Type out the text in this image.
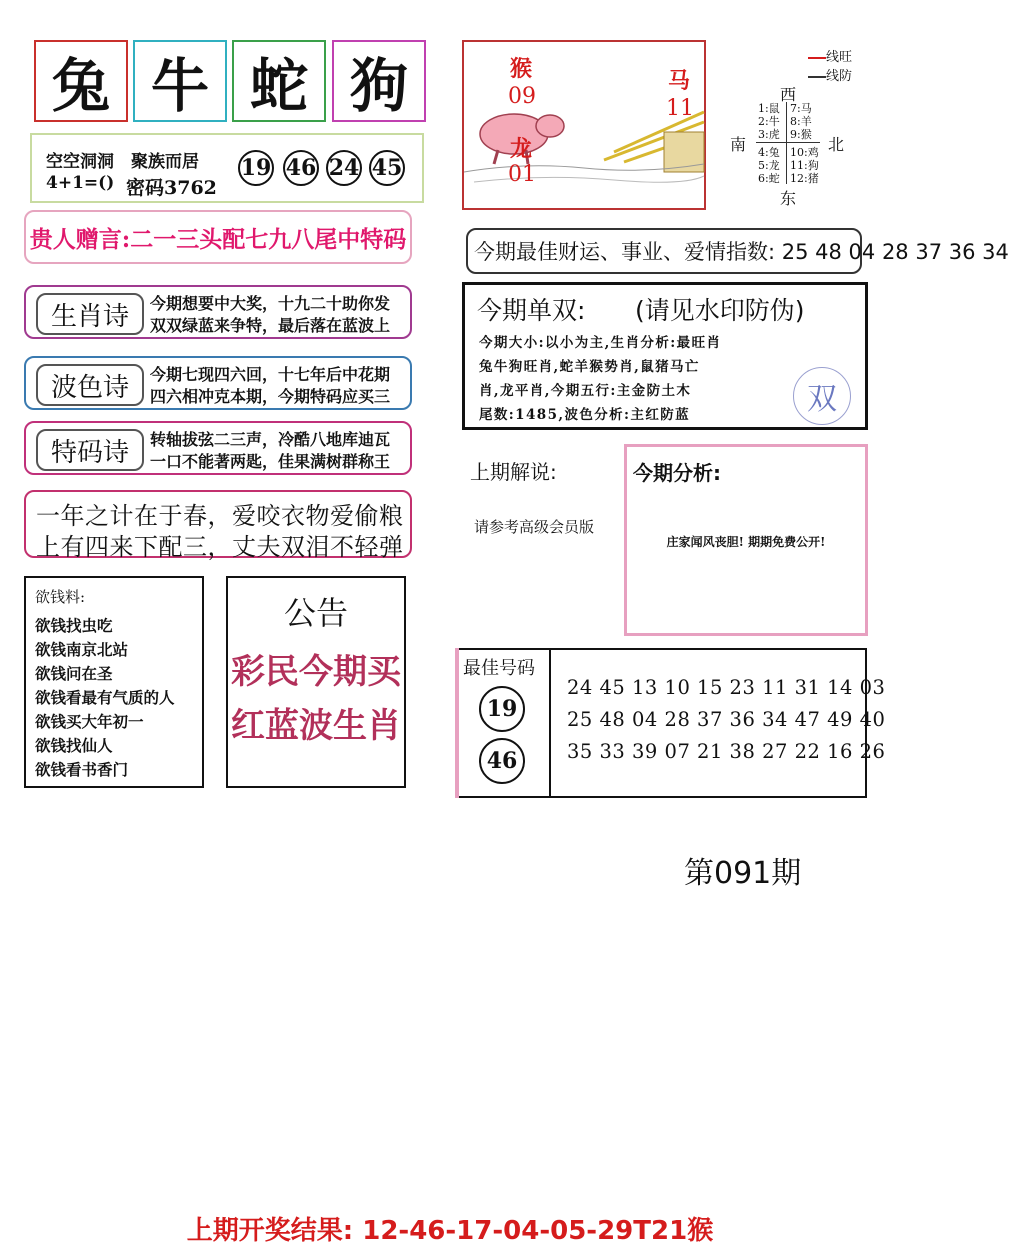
兔 牛 蛇 狗
空空洞洞　聚族而居
4+1=() 密码3762
19 46 24 45
贵人赠言:二一三头配七九八尾中特码
生肖诗	今期想要中大奖，十九二十助你发
双双绿蓝来争特，最后落在蓝波上
波色诗	今期七现四六回，十七年后中花期
四六相冲克本期，今期特码应买三
特码诗	转轴拔弦二三声，冷酷八地库迪瓦
一口不能著两匙，佳果满树群称王
一年之计在于春，爱咬衣物爱偷粮
上有四来下配三，丈夫双泪不轻弹
欲钱料:
欲钱找虫吃
欲钱南京北站
欲钱问在圣
欲钱看最有气质的人
欲钱买大年初一
欲钱找仙人
欲钱看书香门
公告
彩民今期买
红蓝波生肖
猴
09
龙
01
马
11
线旺
线防
西
南	北
东
1:鼠
2:牛
3:虎
7:马
8:羊
9:猴
4:兔
5:龙
6:蛇
10:鸡
11:狗
12:猪
今期最佳财运、事业、爱情指数: 25 48 04 28 37 36 34
今期单双: (请见水印防伪)
今期大小:以小为主,生肖分析:最旺肖
兔牛狗旺肖,蛇羊猴势肖,鼠猪马亡
肖,龙平肖,今期五行:主金防土木
尾数:1485,波色分析:主红防蓝	双
上期解说:
请参考高级会员版
今期分析:
庄家闻风丧胆! 期期免费公开!
最佳号码
19
46
24 45 13 10 15 23 11 31 14 03
25 48 04 28 37 36 34 47 49 40
35 33 39 07 21 38 27 22 16 26
第091期
上期开奖结果: 12-46-17-04-05-29T21猴
